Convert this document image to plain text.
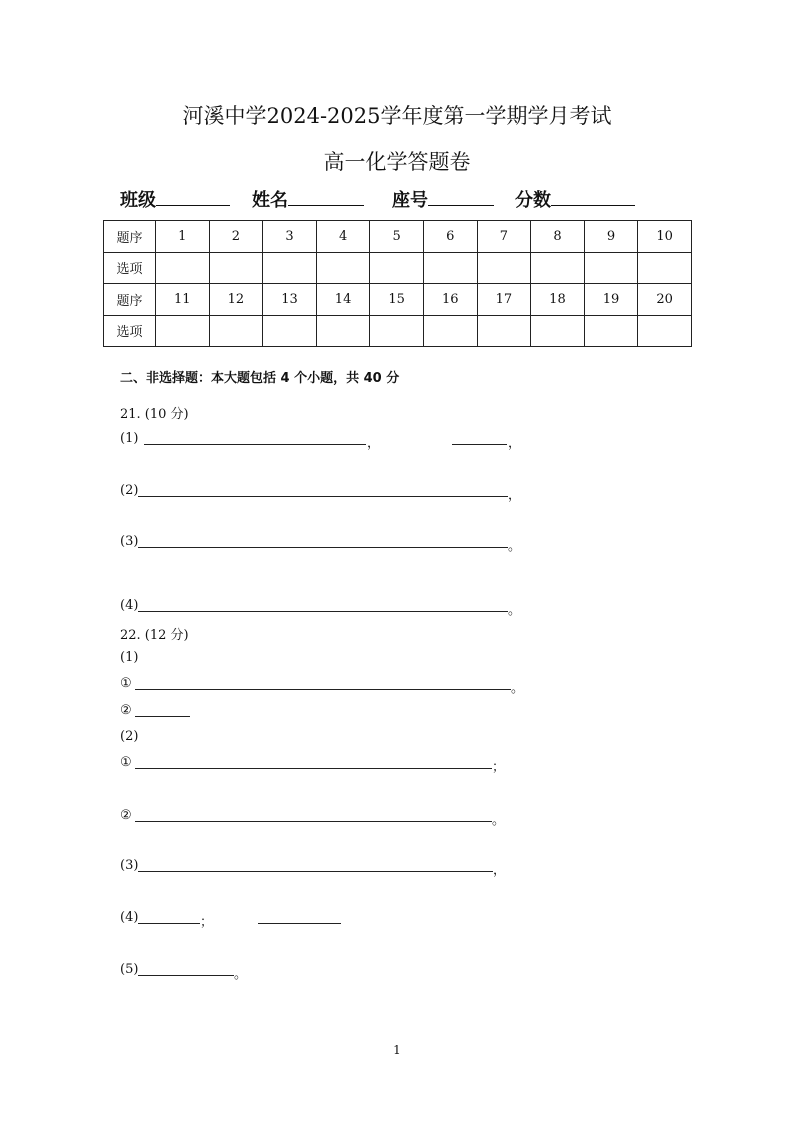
河溪中学2024-2025学年度第一学期学月考试
高一化学答题卷
班级	姓名	座号	分数
题序	1	2	3	4	5	6	7	8	9	10
选项										
题序	11	12	13	14	15	16	17	18	19	20
选项										
二、非选择题：本大题包括 4 个小题，共 40 分
21. (10 分)
(1)	，	，
(2)	，
(3)	。
(4)	。
22. (12 分)
(1)
①	。
②
(2)
①	；
②	。
(3)	，
(4)	；
(5)	。
1
